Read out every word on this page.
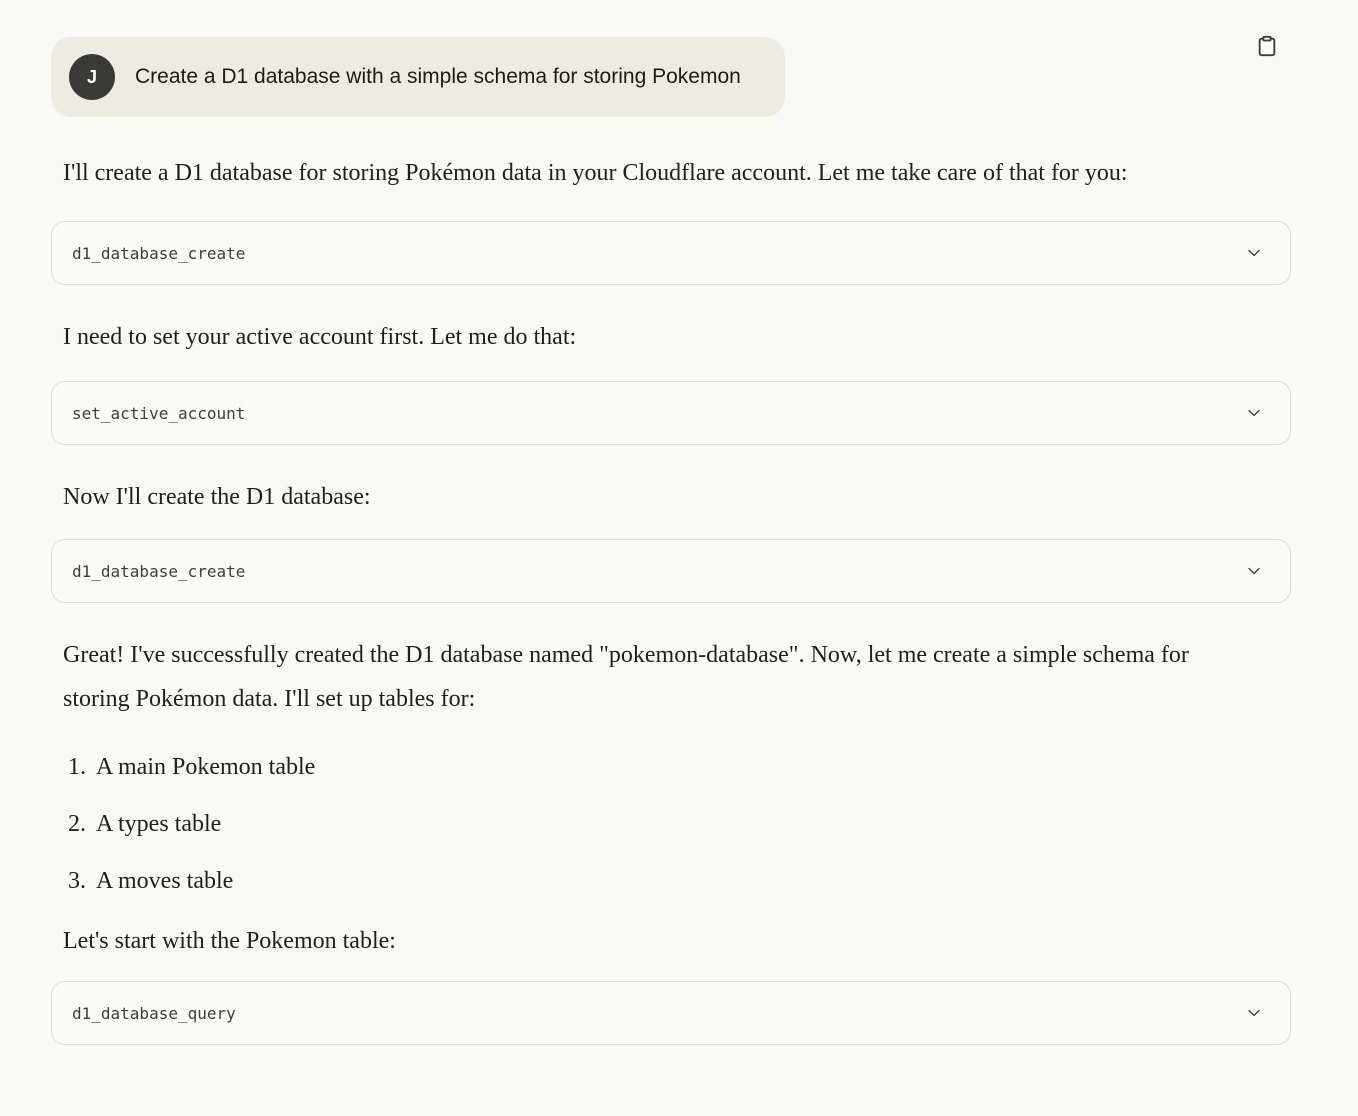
J	Create a D1 database with a simple schema for storing Pokemon

I'll create a D1 database for storing Pokémon data in your Cloudflare account. Let me take care of that for you:

d1_database_create

I need to set your active account first. Let me do that:

set_active_account

Now I'll create the D1 database:

d1_database_create

Great! I've successfully created the D1 database named "pokemon-database". Now, let me create a simple schema for storing Pokémon data. I'll set up tables for:

1. A main Pokemon table
2. A types table
3. A moves table

Let's start with the Pokemon table:

d1_database_query
